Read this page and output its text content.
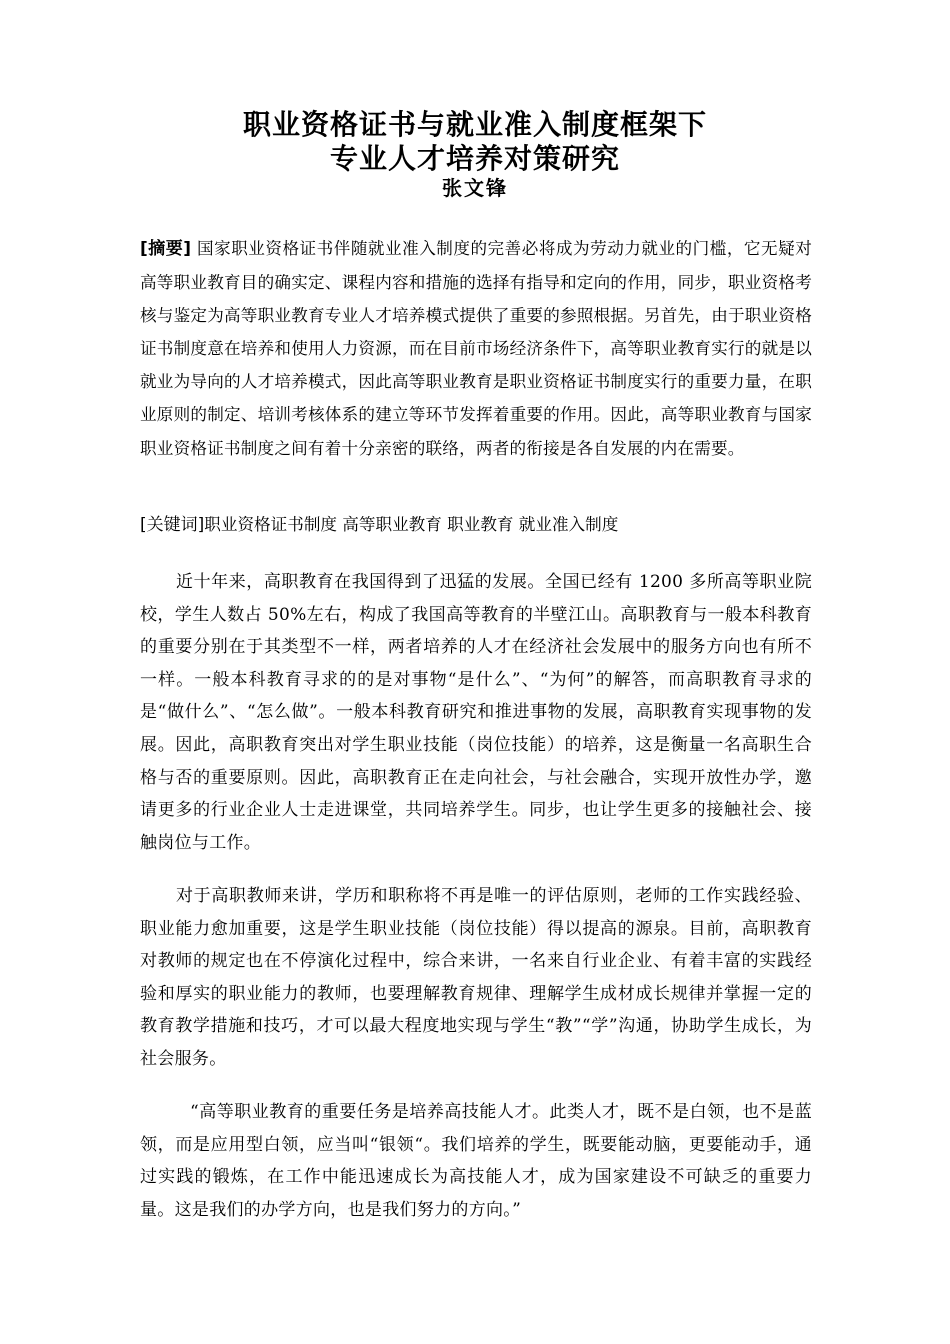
职业资格证书与就业准入制度框架下
专业人才培养对策研究
张文锋
[摘要] 国家职业资格证书伴随就业准入制度的完善必将成为劳动力就业的门槛，它无疑对高等职业教育目的确实定、课程内容和措施的选择有指导和定向的作用，同步，职业资格考核与鉴定为高等职业教育专业人才培养模式提供了重要的参照根据。另首先，由于职业资格证书制度意在培养和使用人力资源，而在目前市场经济条件下，高等职业教育实行的就是以就业为导向的人才培养模式，因此高等职业教育是职业资格证书制度实行的重要力量，在职业原则的制定、培训考核体系的建立等环节发挥着重要的作用。因此，高等职业教育与国家职业资格证书制度之间有着十分亲密的联络，两者的衔接是各自发展的内在需要。
[关键词]职业资格证书制度 高等职业教育 职业教育 就业准入制度
近十年来，高职教育在我国得到了迅猛的发展。全国已经有 1200 多所高等职业院校，学生人数占 50%左右，构成了我国高等教育的半壁江山。高职教育与一般本科教育的重要分别在于其类型不一样，两者培养的人才在经济社会发展中的服务方向也有所不一样。一般本科教育寻求的的是对事物“是什么”、“为何”的解答，而高职教育寻求的是“做什么”、“怎么做”。一般本科教育研究和推进事物的发展，高职教育实现事物的发展。因此，高职教育突出对学生职业技能（岗位技能）的培养，这是衡量一名高职生合格与否的重要原则。因此，高职教育正在走向社会，与社会融合，实现开放性办学，邀请更多的行业企业人士走进课堂，共同培养学生。同步，也让学生更多的接触社会、接触岗位与工作。
对于高职教师来讲，学历和职称将不再是唯一的评估原则，老师的工作实践经验、职业能力愈加重要，这是学生职业技能（岗位技能）得以提高的源泉。目前，高职教育对教师的规定也在不停演化过程中，综合来讲，一名来自行业企业、有着丰富的实践经验和厚实的职业能力的教师，也要理解教育规律、理解学生成材成长规律并掌握一定的教育教学措施和技巧，才可以最大程度地实现与学生“教”“学”沟通，协助学生成长，为社会服务。
“高等职业教育的重要任务是培养高技能人才。此类人才，既不是白领，也不是蓝领，而是应用型白领，应当叫“银领“。我们培养的学生，既要能动脑，更要能动手，通过实践的锻炼，在工作中能迅速成长为高技能人才，成为国家建设不可缺乏的重要力量。这是我们的办学方向，也是我们努力的方向。”
